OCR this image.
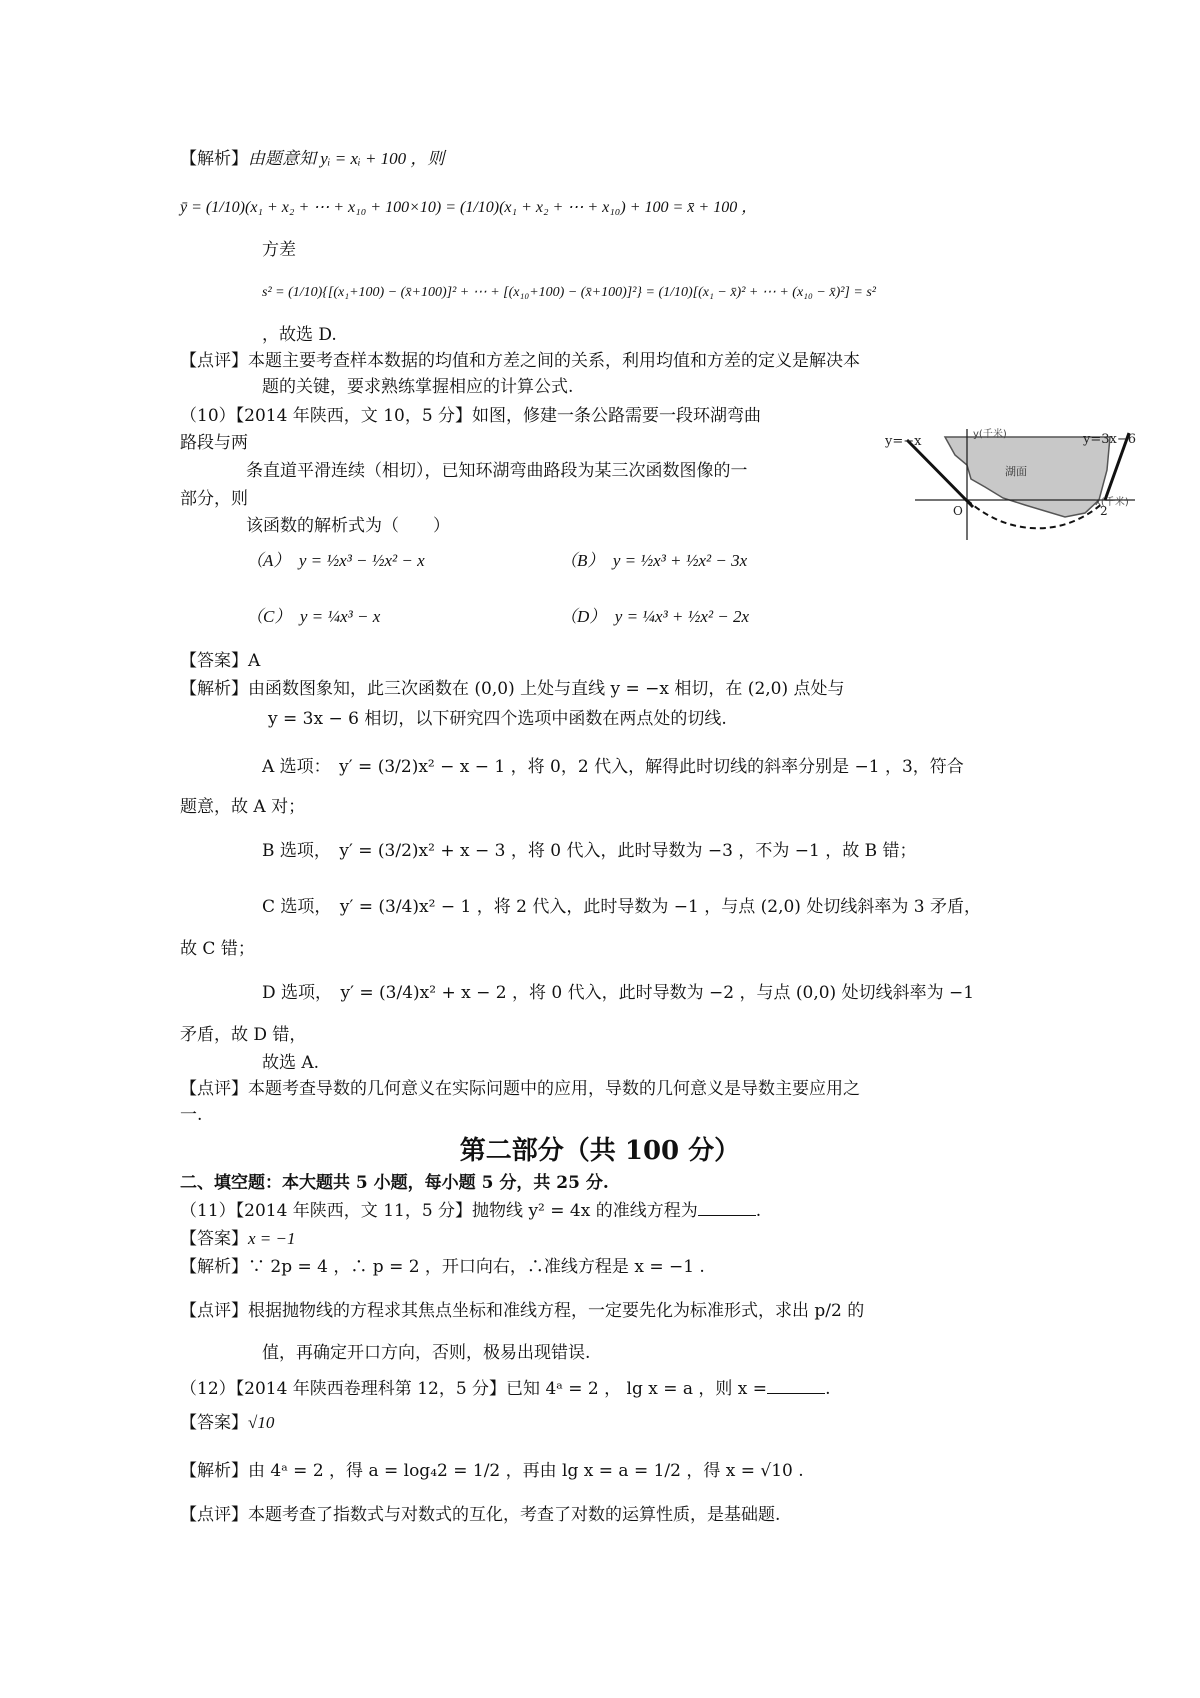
【解析】由题意知 yᵢ = xᵢ + 100 ，则
ȳ = (1/10)(x₁ + x₂ + ⋯ + x₁₀ + 100×10) = (1/10)(x₁ + x₂ + ⋯ + x₁₀) + 100 = x̄ + 100 ，
方差
s² = (1/10){[(x₁+100) − (x̄+100)]² + ⋯ + [(x₁₀+100) − (x̄+100)]²} = (1/10)[(x₁ − x̄)² + ⋯ + (x₁₀ − x̄)²] = s²
，故选 D.
【点评】本题主要考查样本数据的均值和方差之间的关系，利用均值和方差的定义是解决本
题的关键，要求熟练掌握相应的计算公式.
（10）【2014 年陕西，文 10，5 分】如图，修建一条公路需要一段环湖弯曲
路段与两
条直道平滑连续（相切），已知环湖弯曲路段为某三次函数图像的一
部分，则
该函数的解析式为（　　）
y(千米)
x(千米)
y=−x	y=3x−6
湖面
O	2
（A）　y = ½x³ − ½x² − x	（B）　y = ½x³ + ½x² − 3x
（C）　y = ¼x³ − x	（D）　y = ¼x³ + ½x² − 2x
【答案】A
【解析】由函数图象知，此三次函数在 (0,0) 上处与直线 y = −x 相切，在 (2,0) 点处与
y = 3x − 6 相切，以下研究四个选项中函数在两点处的切线.
A 选项：　y′ = (3/2)x² − x − 1 ，将 0，2 代入，解得此时切线的斜率分别是 −1 ，3，符合
题意，故 A 对；
B 选项，　y′ = (3/2)x² + x − 3 ，将 0 代入，此时导数为 −3 ，不为 −1 ，故 B 错；
C 选项，　y′ = (3/4)x² − 1 ，将 2 代入，此时导数为 −1 ，与点 (2,0) 处切线斜率为 3 矛盾，
故 C 错；
D 选项，　y′ = (3/4)x² + x − 2 ，将 0 代入，此时导数为 −2 ，与点 (0,0) 处切线斜率为 −1
矛盾，故 D 错，
故选 A.
【点评】本题考查导数的几何意义在实际问题中的应用，导数的几何意义是导数主要应用之
一.
第二部分（共 100 分）
二、填空题：本大题共 5 小题，每小题 5 分，共 25 分.
（11）【2014 年陕西，文 11，5 分】抛物线 y² = 4x 的准线方程为	.
【答案】x = −1
【解析】∵ 2p = 4 ，∴ p = 2 ，开口向右，∴准线方程是 x = −1 .
【点评】根据抛物线的方程求其焦点坐标和准线方程，一定要先化为标准形式，求出 p/2 的
值，再确定开口方向，否则，极易出现错误.
（12）【2014 年陕西卷理科第 12，5 分】已知 4ᵃ = 2 ， lg x = a ，则 x =	.
【答案】√10
【解析】由 4ᵃ = 2 ，得 a = log₄2 = 1/2 ，再由 lg x = a = 1/2 ，得 x = √10 .
【点评】本题考查了指数式与对数式的互化，考查了对数的运算性质，是基础题.
